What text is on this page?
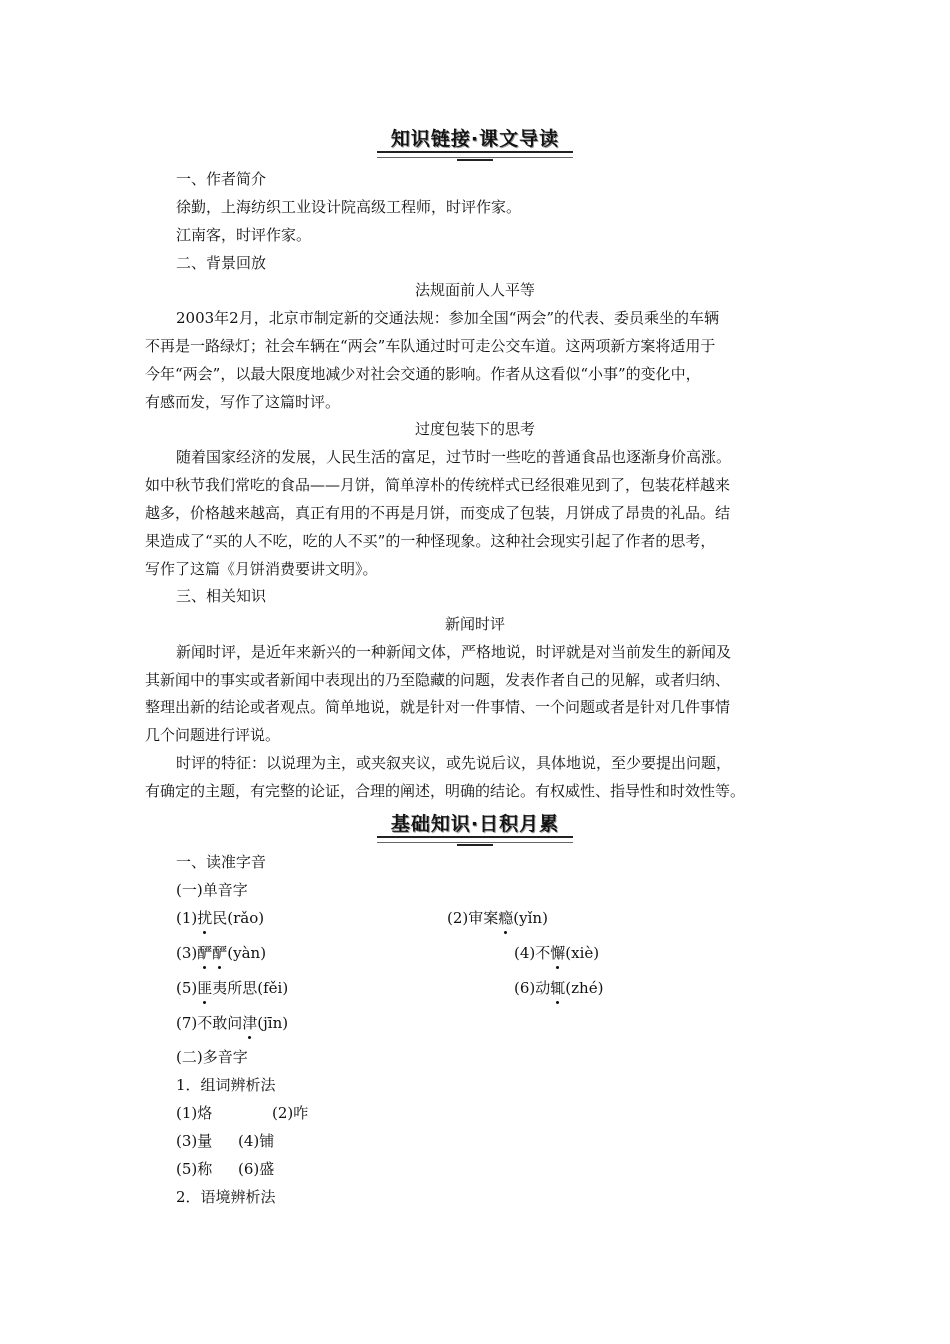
知识链接·课文导读
一、作者简介
徐勤，上海纺织工业设计院高级工程师，时评作家。
江南客，时评作家。
二、背景回放
法规面前人人平等
2003年2月，北京市制定新的交通法规：参加全国“两会”的代表、委员乘坐的车辆
不再是一路绿灯；社会车辆在“两会”车队通过时可走公交车道。这两项新方案将适用于
今年“两会”，以最大限度地减少对社会交通的影响。作者从这看似“小事”的变化中，
有感而发，写作了这篇时评。
过度包装下的思考
随着国家经济的发展，人民生活的富足，过节时一些吃的普通食品也逐渐身价高涨。
如中秋节我们常吃的食品——月饼，简单淳朴的传统样式已经很难见到了，包装花样越来
越多，价格越来越高，真正有用的不再是月饼，而变成了包装，月饼成了昂贵的礼品。结
果造成了“买的人不吃，吃的人不买”的一种怪现象。这种社会现实引起了作者的思考，
写作了这篇《月饼消费要讲文明》。
三、相关知识
新闻时评
新闻时评，是近年来新兴的一种新闻文体，严格地说，时评就是对当前发生的新闻及
其新闻中的事实或者新闻中表现出的乃至隐藏的问题，发表作者自己的见解，或者归纳、
整理出新的结论或者观点。简单地说，就是针对一件事情、一个问题或者是针对几件事情
几个问题进行评说。
时评的特征：以说理为主，或夹叙夹议，或先说后议，具体地说，至少要提出问题，
有确定的主题，有完整的论证，合理的阐述，明确的结论。有权威性、指导性和时效性等。
基础知识·日积月累
一、读准字音
(一)单音字
(1)扰民(rǎo)	(2)审案瘾(yǐn)
(3)酽酽(yàn)	(4)不懈(xiè)
(5)匪夷所思(fěi)	(6)动辄(zhé)
(7)不敢问津(jīn)
(二)多音字
1．组词辨析法
(1)烙	(2)咋
(3)量 (4)铺
(5)称 (6)盛
2．语境辨析法
